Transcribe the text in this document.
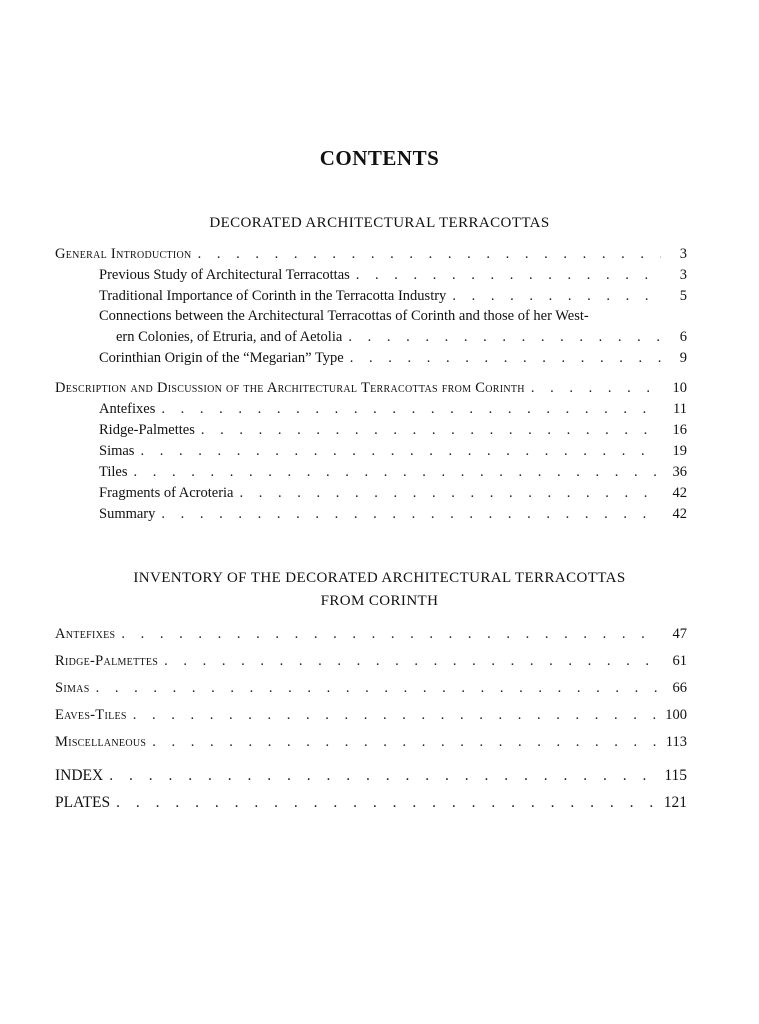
CONTENTS
DECORATED ARCHITECTURAL TERRACOTTAS
General Introduction . . .	3
Previous Study of Architectural Terracottas . . .	3
Traditional Importance of Corinth in the Terracotta Industry . . .	5
Connections between the Architectural Terracottas of Corinth and those of her West-
ern Colonies, of Etruria, and of Aetolia . . .	6
Corinthian Origin of the “Megarian” Type . . .	9
Description and Discussion of the Architectural Terracottas from Corinth . . .	10
Antefixes . . .	11
Ridge-Palmettes . . .	16
Simas . . .	19
Tiles . . .	36
Fragments of Acroteria . . .	42
Summary . . .	42
INVENTORY OF THE DECORATED ARCHITECTURAL TERRACOTTAS
FROM CORINTH
Antefixes . . .	47
Ridge-Palmettes . . .	61
Simas . . .	66
Eaves-Tiles . . .	100
Miscellaneous . . .	113
INDEX . . .	115
PLATES . . .	121
